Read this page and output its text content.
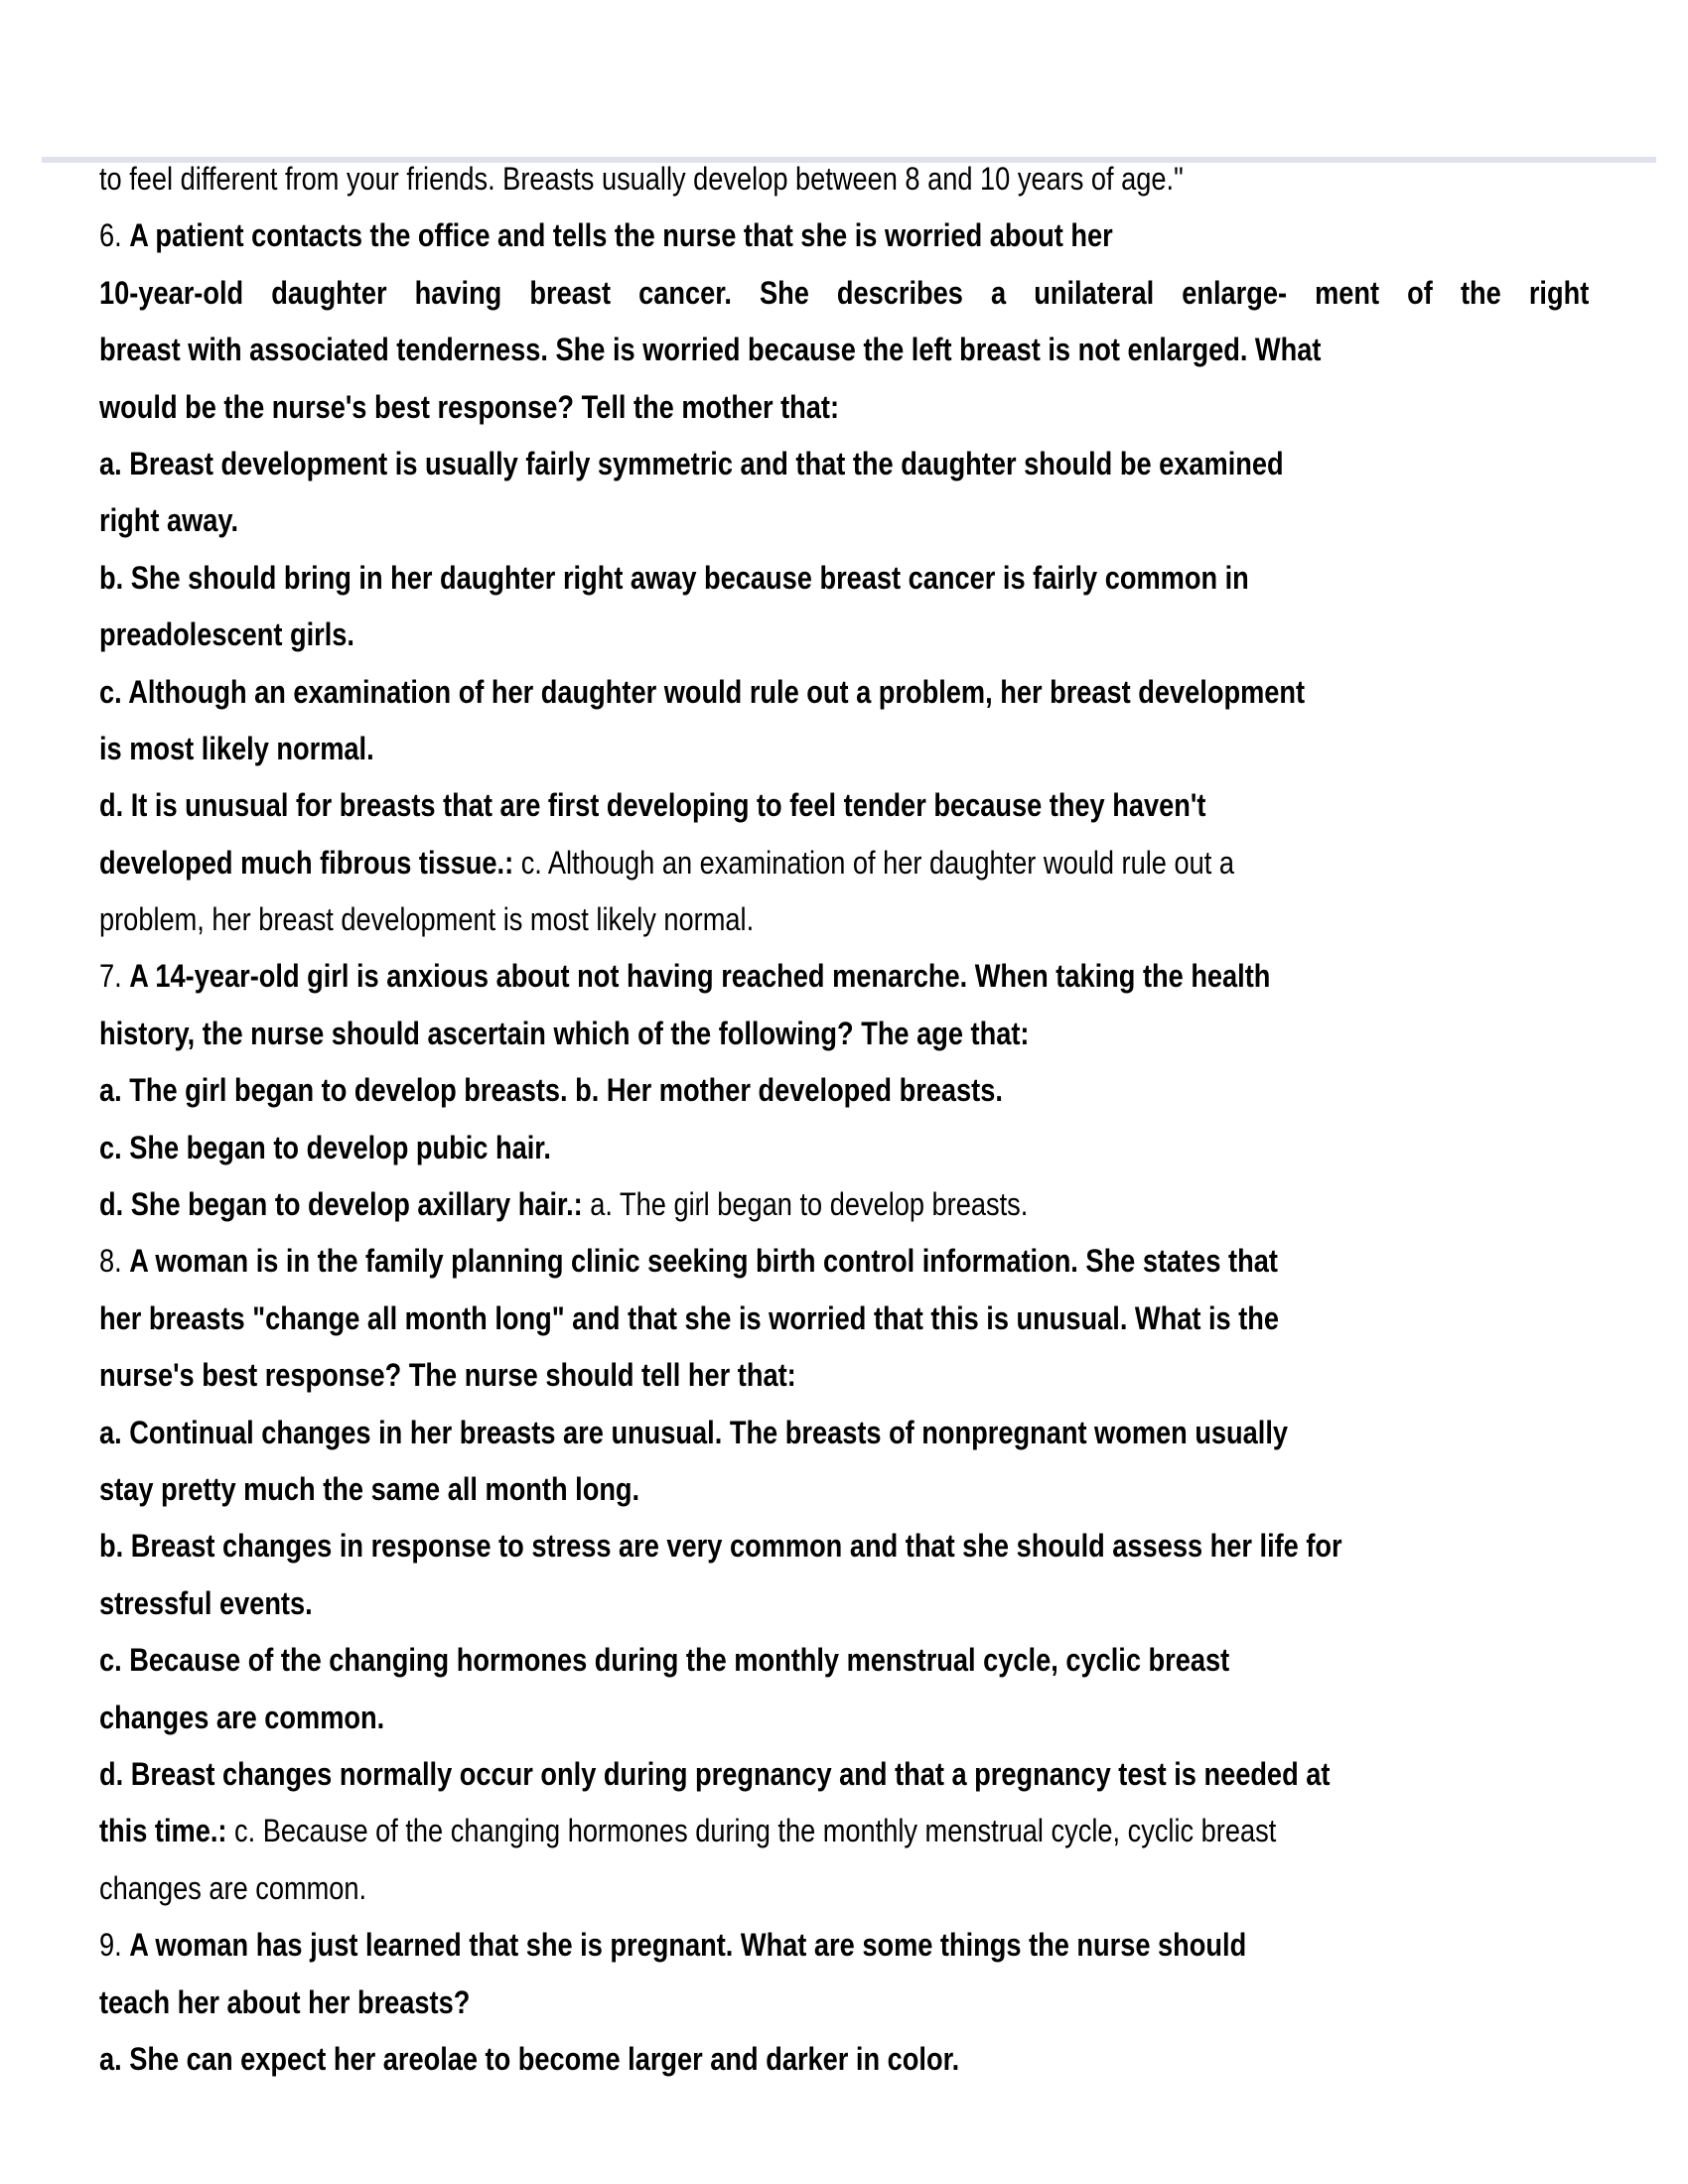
to feel different from your friends. Breasts usually develop between 8 and 10 years of age."
6. A patient contacts the office and tells the nurse that she is worried about her
10-year-old daughter having breast cancer. She describes a unilateral enlarge- ment of the right
breast with associated tenderness. She is worried because the left breast is not enlarged. What
would be the nurse's best response? Tell the mother that:
a. Breast development is usually fairly symmetric and that the daughter should be examined
right away.
b. She should bring in her daughter right away because breast cancer is fairly common in
preadolescent girls.
c. Although an examination of her daughter would rule out a problem, her breast development
is most likely normal.
d. It is unusual for breasts that are first developing to feel tender because they haven't
developed much fibrous tissue.: c. Although an examination of her daughter would rule out a
problem, her breast development is most likely normal.
7. A 14-year-old girl is anxious about not having reached menarche. When taking the health
history, the nurse should ascertain which of the following? The age that:
a. The girl began to develop breasts. b. Her mother developed breasts.
c. She began to develop pubic hair.
d. She began to develop axillary hair.: a. The girl began to develop breasts.
8. A woman is in the family planning clinic seeking birth control information. She states that
her breasts "change all month long" and that she is worried that this is unusual. What is the
nurse's best response? The nurse should tell her that:
a. Continual changes in her breasts are unusual. The breasts of nonpregnant women usually
stay pretty much the same all month long.
b. Breast changes in response to stress are very common and that she should assess her life for
stressful events.
c. Because of the changing hormones during the monthly menstrual cycle, cyclic breast
changes are common.
d. Breast changes normally occur only during pregnancy and that a pregnancy test is needed at
this time.: c. Because of the changing hormones during the monthly menstrual cycle, cyclic breast
changes are common.
9. A woman has just learned that she is pregnant. What are some things the nurse should
teach her about her breasts?
a. She can expect her areolae to become larger and darker in color.
